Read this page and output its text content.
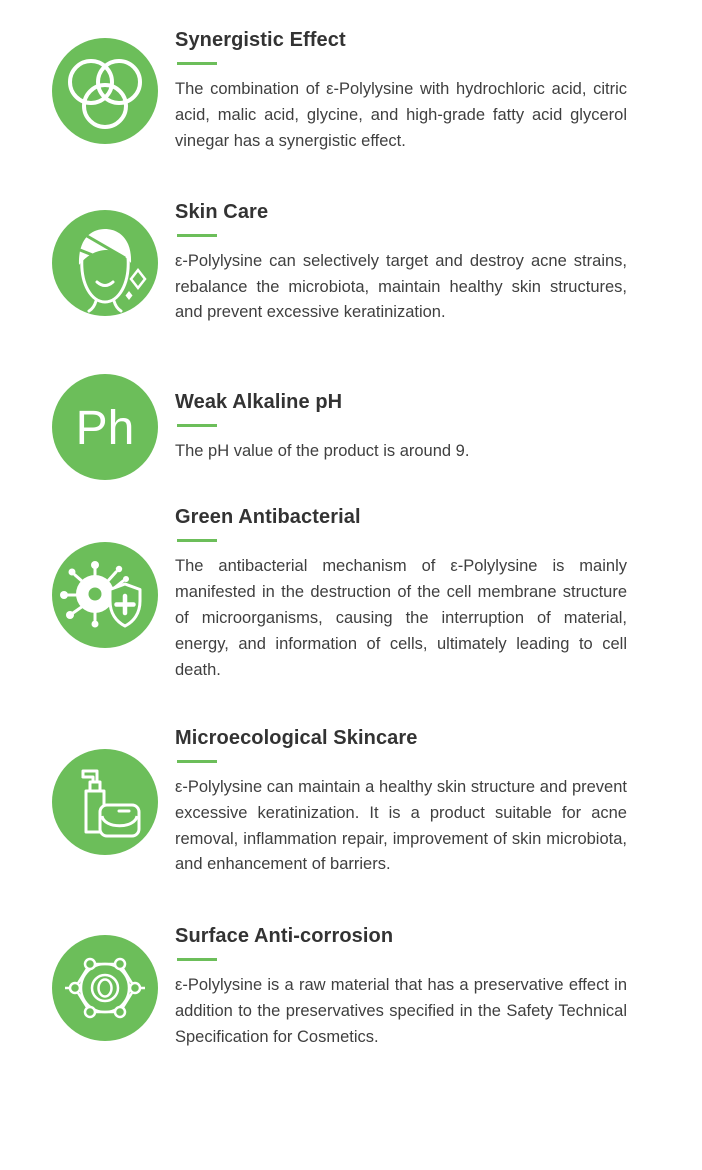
Synergistic Effect

The combination of ε-Polylysine with hydrochloric acid, citric acid, malic acid, glycine, and high-grade fatty acid glycerol vinegar has a synergistic effect.

Skin Care

ε-Polylysine can selectively target and destroy acne strains, rebalance the microbiota, maintain healthy skin structures, and prevent excessive keratinization.

Ph
Weak Alkaline pH

The pH value of the product is around 9.

Green Antibacterial

The antibacterial mechanism of ε-Polylysine is mainly manifested in the destruction of the cell membrane structure of microorganisms, causing the interruption of material, energy, and information of cells, ultimately leading to cell death.

Microecological Skincare

ε-Polylysine can maintain a healthy skin structure and prevent excessive keratinization. It is a product suitable for acne removal, inflammation repair, improvement of skin microbiota, and enhancement of barriers.

Surface Anti-corrosion

ε-Polylysine is a raw material that has a preservative effect in addition to the preservatives specified in the Safety Technical Specification for Cosmetics.
